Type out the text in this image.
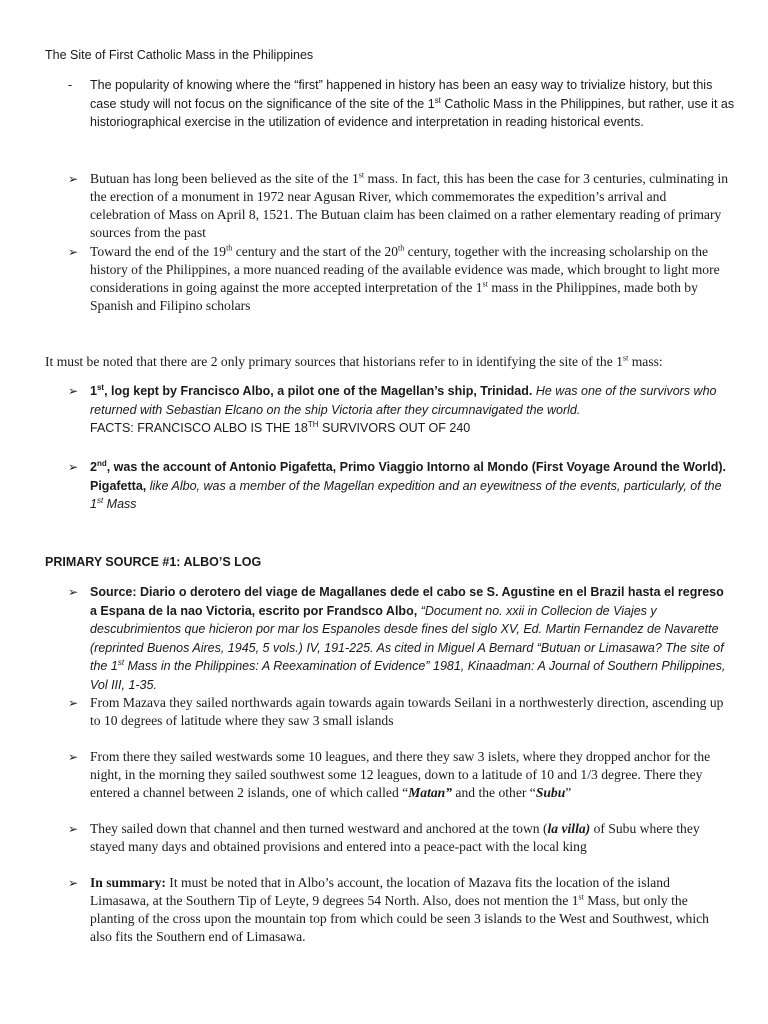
The Site of First Catholic Mass in the Philippines
- The popularity of knowing where the “first” happened in history has been an easy way to trivialize history, but this case study will not focus on the significance of the site of the 1st Catholic Mass in the Philippines, but rather, use it as historiographical exercise in the utilization of evidence and interpretation in reading historical events.
➢ Butuan has long been believed as the site of the 1st mass. In fact, this has been the case for 3 centuries, culminating in the erection of a monument in 1972 near Agusan River, which commemorates the expedition’s arrival and celebration of Mass on April 8, 1521. The Butuan claim has been claimed on a rather elementary reading of primary sources from the past
➢ Toward the end of the 19th century and the start of the 20th century, together with the increasing scholarship on the history of the Philippines, a more nuanced reading of the available evidence was made, which brought to light more considerations in going against the more accepted interpretation of the 1st mass in the Philippines, made both by Spanish and Filipino scholars
It must be noted that there are 2 only primary sources that historians refer to in identifying the site of the 1st mass:
➢ 1st, log kept by Francisco Albo, a pilot one of the Magellan’s ship, Trinidad. He was one of the survivors who returned with Sebastian Elcano on the ship Victoria after they circumnavigated the world.
FACTS: FRANCISCO ALBO IS THE 18TH SURVIVORS OUT OF 240
➢ 2nd, was the account of Antonio Pigafetta, Primo Viaggio Intorno al Mondo (First Voyage Around the World). Pigafetta, like Albo, was a member of the Magellan expedition and an eyewitness of the events, particularly, of the 1st Mass
PRIMARY SOURCE #1: ALBO’S LOG
➢ Source: Diario o derotero del viage de Magallanes dede el cabo se S. Agustine en el Brazil hasta el regreso a Espana de la nao Victoria, escrito por Frandsco Albo, “Document no. xxii in Collecion de Viajes y descubrimientos que hicieron por mar los Espanoles desde fines del siglo XV, Ed. Martin Fernandez de Navarette (reprinted Buenos Aires, 1945, 5 vols.) IV, 191-225. As cited in Miguel A Bernard “Butuan or Limasawa? The site of the 1st Mass in the Philippines: A Reexamination of Evidence” 1981, Kinaadman: A Journal of Southern Philippines, Vol III, 1-35.
➢ From Mazava they sailed northwards again towards again towards Seilani in a northwesterly direction, ascending up to 10 degrees of latitude where they saw 3 small islands
➢ From there they sailed westwards some 10 leagues, and there they saw 3 islets, where they dropped anchor for the night, in the morning they sailed southwest some 12 leagues, down to a latitude of 10 and 1/3 degree. There they entered a channel between 2 islands, one of which called “Matan” and the other “Subu”
➢ They sailed down that channel and then turned westward and anchored at the town (la villa) of Subu where they stayed many days and obtained provisions and entered into a peace-pact with the local king
➢ In summary: It must be noted that in Albo’s account, the location of Mazava fits the location of the island Limasawa, at the Southern Tip of Leyte, 9 degrees 54 North. Also, does not mention the 1st Mass, but only the planting of the cross upon the mountain top from which could be seen 3 islands to the West and Southwest, which also fits the Southern end of Limasawa.
